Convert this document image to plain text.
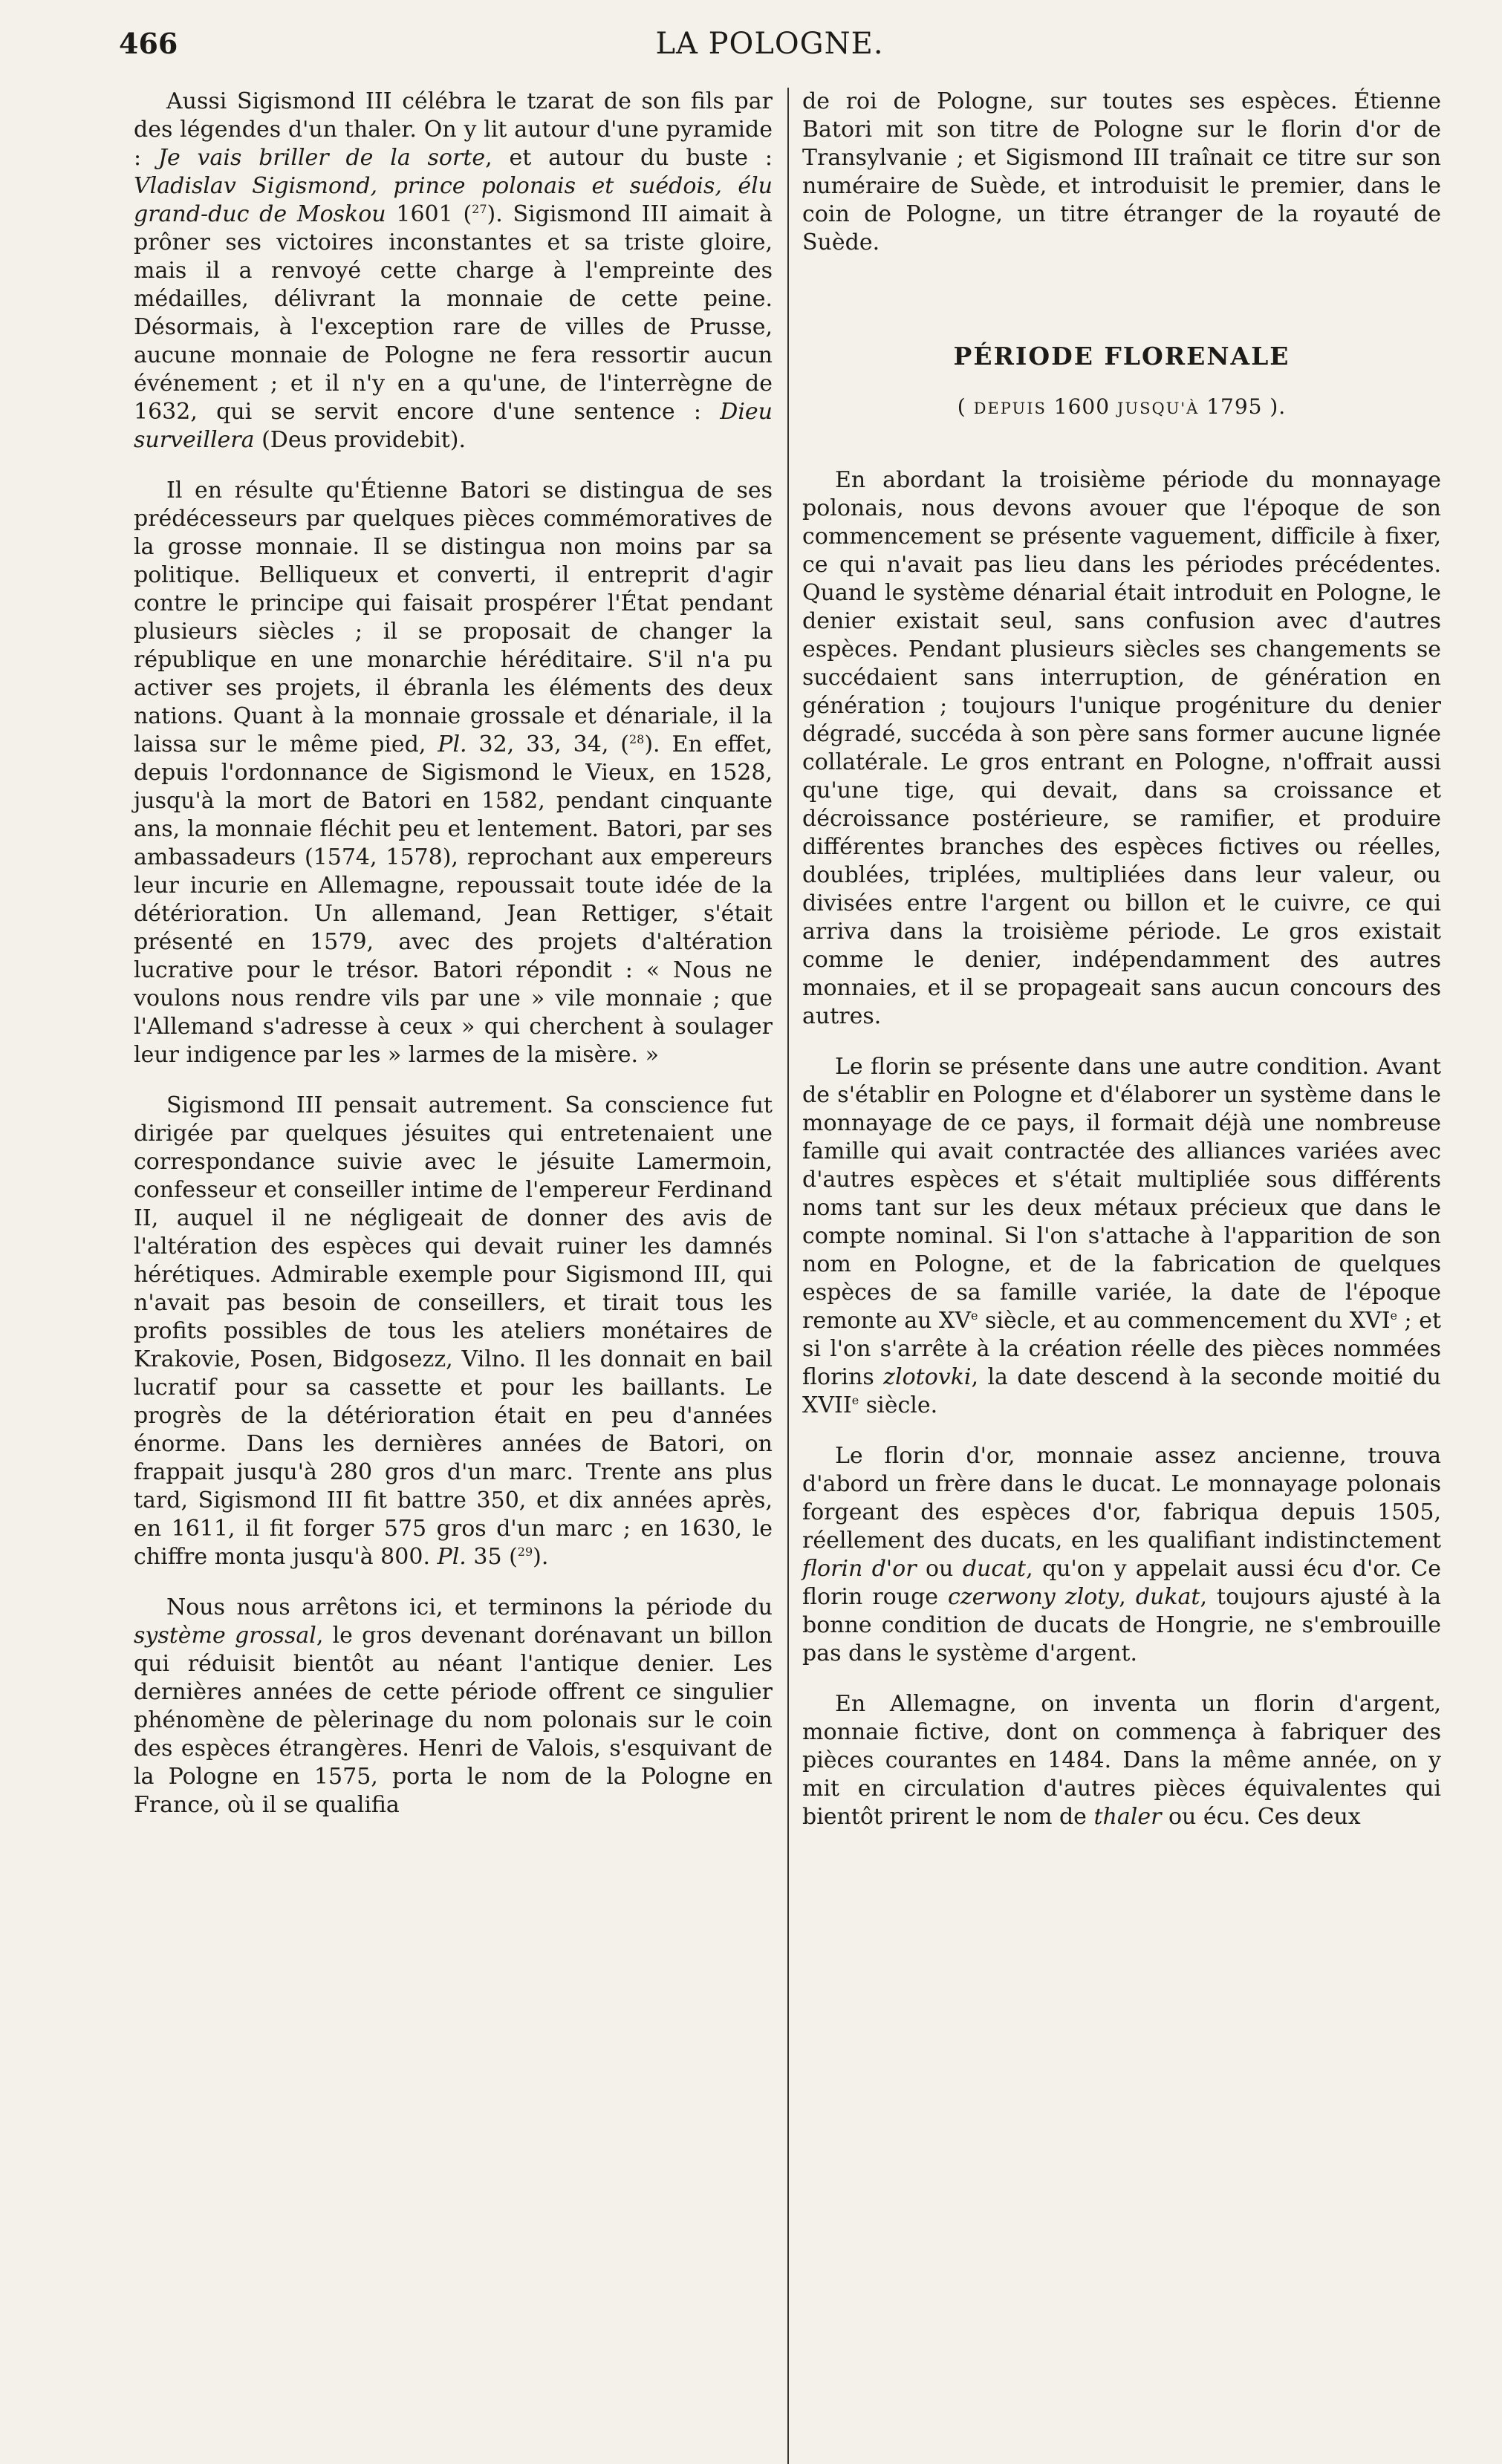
466	LA POLOGNE.

Aussi Sigismond III célébra le tzarat de son fils par des légendes d'un thaler. On y lit autour d'une pyramide : Je vais briller de la sorte, et autour du buste : Vladislav Sigismond, prince polonais et suédois, élu grand-duc de Moskou 1601 ($^{27}$). Sigismond III aimait à prôner ses victoires inconstantes et sa triste gloire, mais il a renvoyé cette charge à l'empreinte des médailles, délivrant la monnaie de cette peine. Désormais, à l'exception rare de villes de Prusse, aucune monnaie de Pologne ne fera ressortir aucun événement ; et il n'y en a qu'une, de l'interrègne de 1632, qui se servit encore d'une sentence : Dieu surveillera (Deus providebit).

Il en résulte qu'Étienne Batori se distingua de ses prédécesseurs par quelques pièces commémoratives de la grosse monnaie. Il se distingua non moins par sa politique. Belliqueux et converti, il entreprit d'agir contre le principe qui faisait prospérer l'État pendant plusieurs siècles ; il se proposait de changer la république en une monarchie héréditaire. S'il n'a pu activer ses projets, il ébranla les éléments des deux nations. Quant à la monnaie grossale et dénariale, il la laissa sur le même pied, Pl. 32, 33, 34, ($^{28}$). En effet, depuis l'ordonnance de Sigismond le Vieux, en 1528, jusqu'à la mort de Batori en 1582, pendant cinquante ans, la monnaie fléchit peu et lentement. Batori, par ses ambassadeurs (1574, 1578), reprochant aux empereurs leur incurie en Allemagne, repoussait toute idée de la détérioration. Un allemand, Jean Rettiger, s'était présenté en 1579, avec des projets d'altération lucrative pour le trésor. Batori répondit : « Nous ne voulons nous rendre vils par une » vile monnaie ; que l'Allemand s'adresse à ceux » qui cherchent à soulager leur indigence par les » larmes de la misère. »

Sigismond III pensait autrement. Sa conscience fut dirigée par quelques jésuites qui entretenaient une correspondance suivie avec le jésuite Lamermoin, confesseur et conseiller intime de l'empereur Ferdinand II, auquel il ne négligeait de donner des avis de l'altération des espèces qui devait ruiner les damnés hérétiques. Admirable exemple pour Sigismond III, qui n'avait pas besoin de conseillers, et tirait tous les profits possibles de tous les ateliers monétaires de Krakovie, Posen, Bidgosezz, Vilno. Il les donnait en bail lucratif pour sa cassette et pour les baillants. Le progrès de la détérioration était en peu d'années énorme. Dans les dernières années de Batori, on frappait jusqu'à 280 gros d'un marc. Trente ans plus tard, Sigismond III fit battre 350, et dix années après, en 1611, il fit forger 575 gros d'un marc ; en 1630, le chiffre monta jusqu'à 800. Pl. 35 ($^{29}$).

Nous nous arrêtons ici, et terminons la période du système grossal, le gros devenant dorénavant un billon qui réduisit bientôt au néant l'antique denier. Les dernières années de cette période offrent ce singulier phénomène de pèlerinage du nom polonais sur le coin des espèces étrangères. Henri de Valois, s'esquivant de la Pologne en 1575, porta le nom de la Pologne en France, où il se qualifia

de roi de Pologne, sur toutes ses espèces. Étienne Batori mit son titre de Pologne sur le florin d'or de Transylvanie ; et Sigismond III traînait ce titre sur son numéraire de Suède, et introduisit le premier, dans le coin de Pologne, un titre étranger de la royauté de Suède.

PÉRIODE FLORENALE

( DEPUIS 1600 JUSQU'À 1795 ).

En abordant la troisième période du monnayage polonais, nous devons avouer que l'époque de son commencement se présente vaguement, difficile à fixer, ce qui n'avait pas lieu dans les périodes précédentes. Quand le système dénarial était introduit en Pologne, le denier existait seul, sans confusion avec d'autres espèces. Pendant plusieurs siècles ses changements se succédaient sans interruption, de génération en génération ; toujours l'unique progéniture du denier dégradé, succéda à son père sans former aucune lignée collatérale. Le gros entrant en Pologne, n'offrait aussi qu'une tige, qui devait, dans sa croissance et décroissance postérieure, se ramifier, et produire différentes branches des espèces fictives ou réelles, doublées, triplées, multipliées dans leur valeur, ou divisées entre l'argent ou billon et le cuivre, ce qui arriva dans la troisième période. Le gros existait comme le denier, indépendamment des autres monnaies, et il se propageait sans aucun concours des autres.

Le florin se présente dans une autre condition. Avant de s'établir en Pologne et d'élaborer un système dans le monnayage de ce pays, il formait déjà une nombreuse famille qui avait contractée des alliances variées avec d'autres espèces et s'était multipliée sous différents noms tant sur les deux métaux précieux que dans le compte nominal. Si l'on s'attache à l'apparition de son nom en Pologne, et de la fabrication de quelques espèces de sa famille variée, la date de l'époque remonte au XVe siècle, et au commencement du XVIe ; et si l'on s'arrête à la création réelle des pièces nommées florins zlotovki, la date descend à la seconde moitié du XVIIe siècle.

Le florin d'or, monnaie assez ancienne, trouva d'abord un frère dans le ducat. Le monnayage polonais forgeant des espèces d'or, fabriqua depuis 1505, réellement des ducats, en les qualifiant indistinctement florin d'or ou ducat, qu'on y appelait aussi écu d'or. Ce florin rouge czerwony zloty, dukat, toujours ajusté à la bonne condition de ducats de Hongrie, ne s'embrouille pas dans le système d'argent.

En Allemagne, on inventa un florin d'argent, monnaie fictive, dont on commença à fabriquer des pièces courantes en 1484. Dans la même année, on y mit en circulation d'autres pièces équivalentes qui bientôt prirent le nom de thaler ou écu. Ces deux
